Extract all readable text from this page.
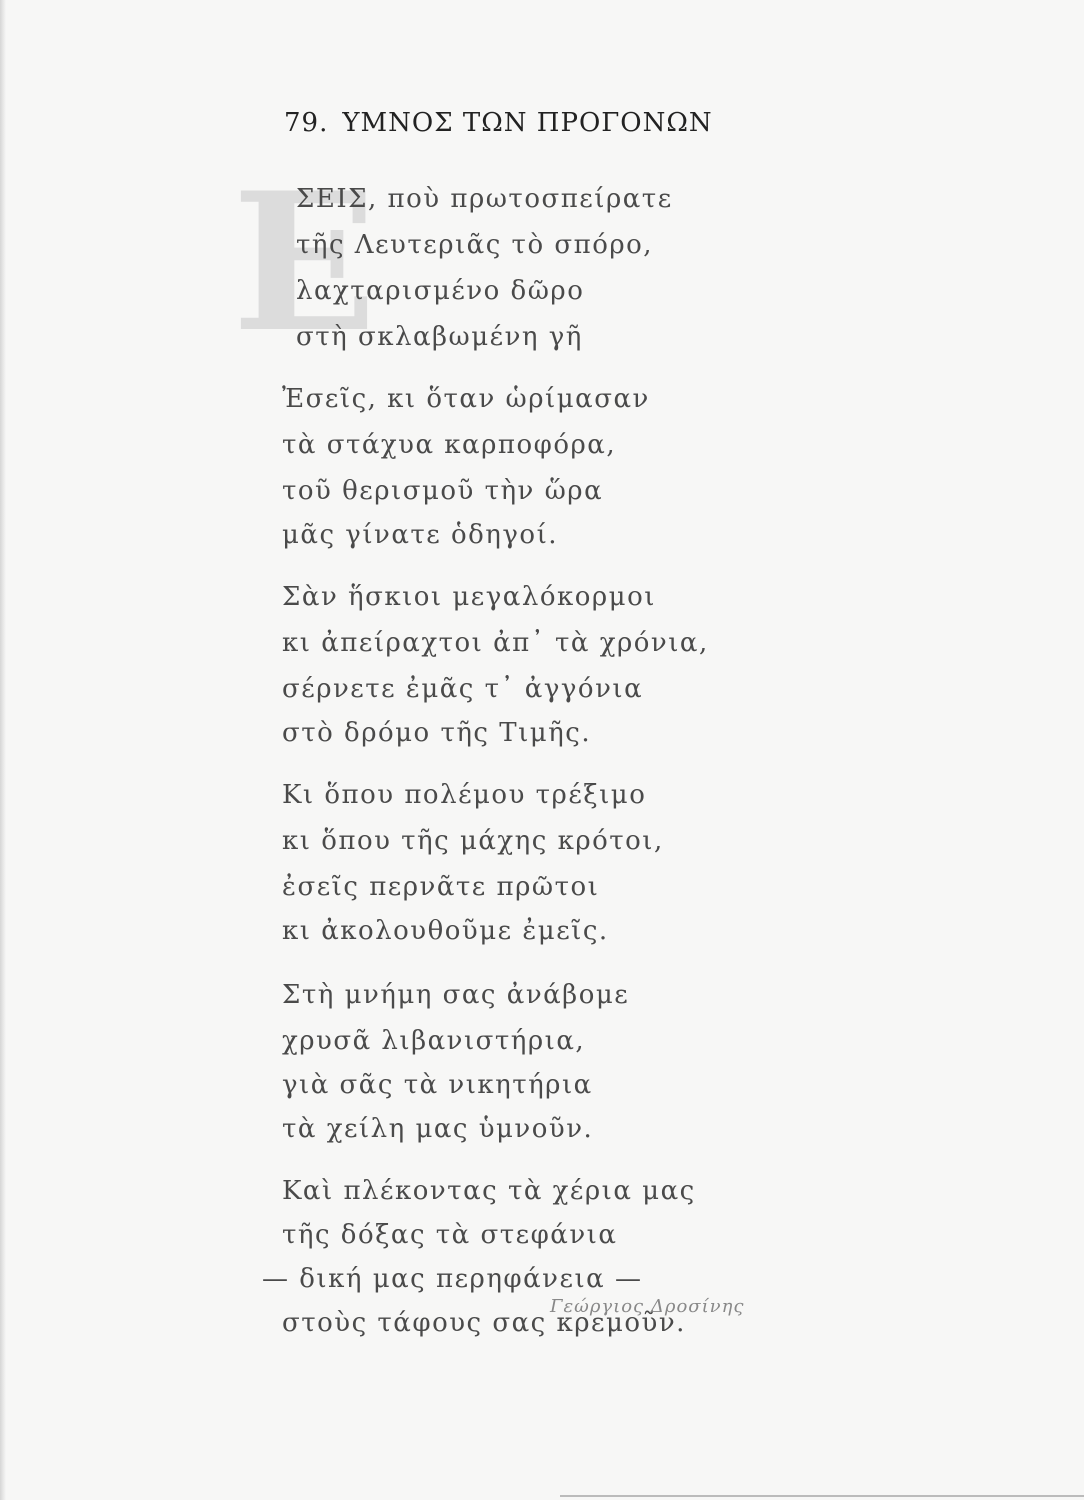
79. ΥΜΝΟΣ ΤΩΝ ΠΡΟΓΟΝΩΝ
Ε
ΣΕΙΣ, ποὺ πρωτοσπείρατε
τῆς Λευτεριᾶς τὸ σπόρο,
λαχταρισμένο δῶρο
στὴ σκλαβωμένη γῆ
Ἐσεῖς, κι ὅταν ὡρίμασαν
τὰ στάχυα καρποφόρα,
τοῦ θερισμοῦ τὴν ὥρα
μᾶς γίνατε ὁδηγοί.
Σὰν ἥσκιοι μεγαλόκορμοι
κι ἀπείραχτοι ἀπ᾽ τὰ χρόνια,
σέρνετε ἐμᾶς τ᾽ ἀγγόνια
στὸ δρόμο τῆς Τιμῆς.
Κι ὅπου πολέμου τρέξιμο
κι ὅπου τῆς μάχης κρότοι,
ἐσεῖς περνᾶτε πρῶτοι
κι ἀκολουθοῦμε ἐμεῖς.
Στὴ μνήμη σας ἀνάβομε
χρυσᾶ λιβανιστήρια,
γιὰ σᾶς τὰ νικητήρια
τὰ χείλη μας ὑμνοῦν.
Καὶ πλέκοντας τὰ χέρια μας
τῆς δόξας τὰ στεφάνια
— δική μας περηφάνεια —
στοὺς τάφους σας κρεμοῦν.
Γεώργιος Δροσίνης
